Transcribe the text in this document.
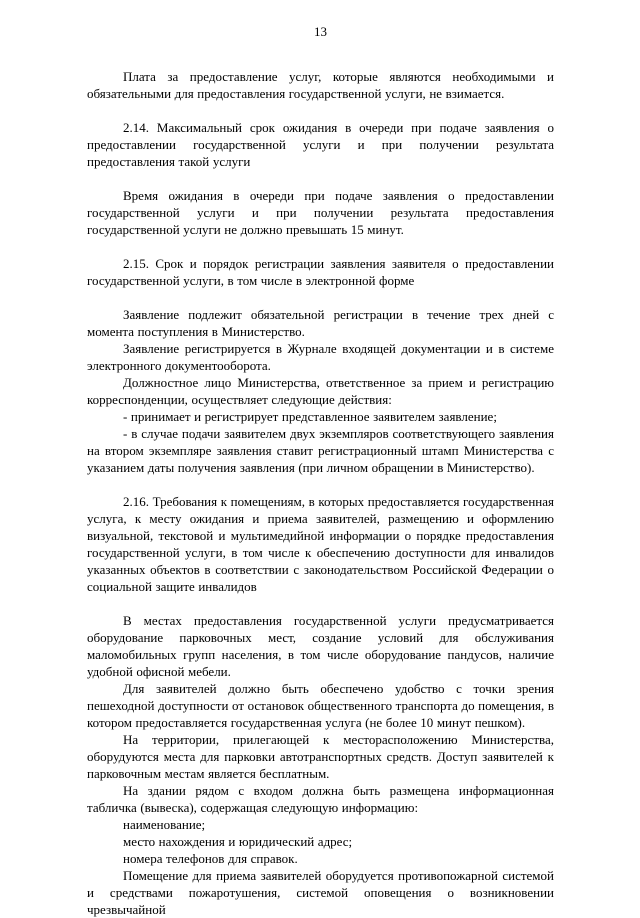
13

Плата за предоставление услуг, которые являются необходимыми и обязательными для предоставления государственной услуги, не взимается.

2.14. Максимальный срок ожидания в очереди при подаче заявления о предоставлении государственной услуги и при получении результата предоставления такой услуги

Время ожидания в очереди при подаче заявления о предоставлении государственной услуги и при получении результата предоставления государственной услуги не должно превышать 15 минут.

2.15. Срок и порядок регистрации заявления заявителя о предоставлении государственной услуги, в том числе в электронной форме

Заявление подлежит обязательной регистрации в течение трех дней с момента поступления в Министерство.

Заявление регистрируется в Журнале входящей документации и в системе электронного документооборота.

Должностное лицо Министерства, ответственное за прием и регистрацию корреспонденции, осуществляет следующие действия:

- принимает и регистрирует представленное заявителем заявление;

- в случае подачи заявителем двух экземпляров соответствующего заявления на втором экземпляре заявления ставит регистрационный штамп Министерства с указанием даты получения заявления (при личном обращении в Министерство).

2.16. Требования к помещениям, в которых предоставляется государственная услуга, к месту ожидания и приема заявителей, размещению и оформлению визуальной, текстовой и мультимедийной информации о порядке предоставления государственной услуги, в том числе к обеспечению доступности для инвалидов указанных объектов в соответствии с законодательством Российской Федерации о социальной защите инвалидов

В местах предоставления государственной услуги предусматривается оборудование парковочных мест, создание условий для обслуживания маломобильных групп населения, в том числе оборудование пандусов, наличие удобной офисной мебели.

Для заявителей должно быть обеспечено удобство с точки зрения пешеходной доступности от остановок общественного транспорта до помещения, в котором предоставляется государственная услуга (не более 10 минут пешком).

На территории, прилегающей к месторасположению Министерства, оборудуются места для парковки автотранспортных средств. Доступ заявителей к парковочным местам является бесплатным.

На здании рядом с входом должна быть размещена информационная табличка (вывеска), содержащая следующую информацию:

наименование;

место нахождения и юридический адрес;

номера телефонов для справок.

Помещение для приема заявителей оборудуется противопожарной системой и средствами пожаротушения, системой оповещения о возникновении чрезвычайной
